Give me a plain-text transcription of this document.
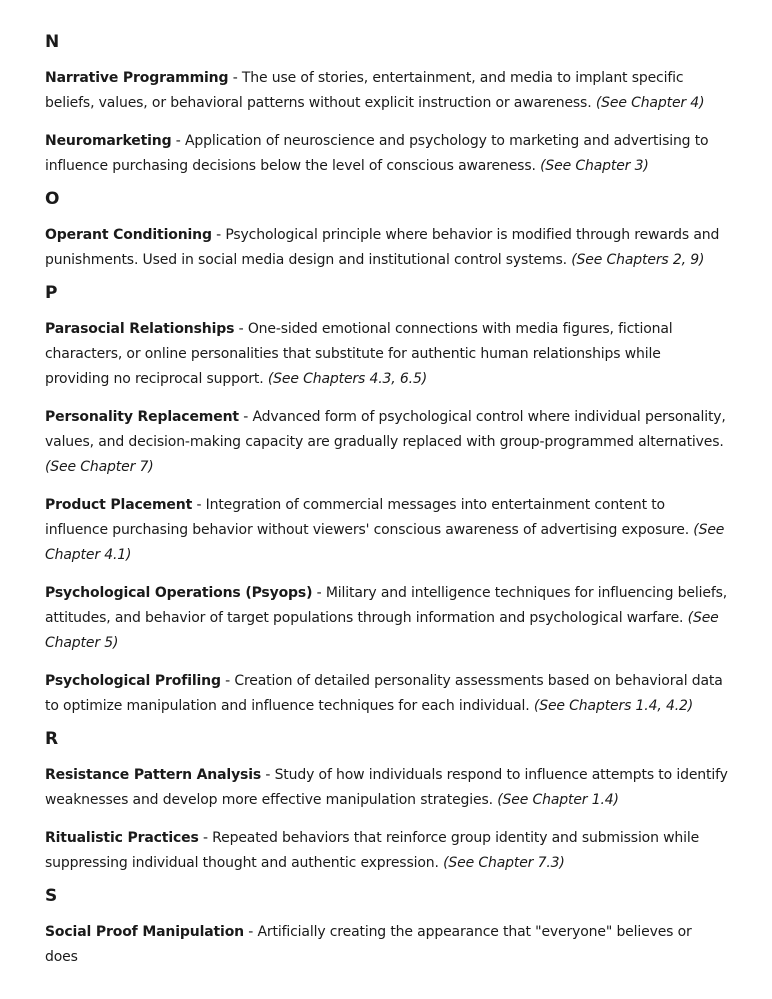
N

Narrative Programming - The use of stories, entertainment, and media to implant specific beliefs, values, or behavioral patterns without explicit instruction or awareness. (See Chapter 4)

Neuromarketing - Application of neuroscience and psychology to marketing and advertising to influence purchasing decisions below the level of conscious awareness. (See Chapter 3)

O

Operant Conditioning - Psychological principle where behavior is modified through rewards and punishments. Used in social media design and institutional control systems. (See Chapters 2, 9)

P

Parasocial Relationships - One-sided emotional connections with media figures, fictional characters, or online personalities that substitute for authentic human relationships while providing no reciprocal support. (See Chapters 4.3, 6.5)

Personality Replacement - Advanced form of psychological control where individual personality, values, and decision-making capacity are gradually replaced with group-programmed alternatives. (See Chapter 7)

Product Placement - Integration of commercial messages into entertainment content to influence purchasing behavior without viewers' conscious awareness of advertising exposure. (See Chapter 4.1)

Psychological Operations (Psyops) - Military and intelligence techniques for influencing beliefs, attitudes, and behavior of target populations through information and psychological warfare. (See Chapter 5)

Psychological Profiling - Creation of detailed personality assessments based on behavioral data to optimize manipulation and influence techniques for each individual. (See Chapters 1.4, 4.2)

R

Resistance Pattern Analysis - Study of how individuals respond to influence attempts to identify weaknesses and develop more effective manipulation strategies. (See Chapter 1.4)

Ritualistic Practices - Repeated behaviors that reinforce group identity and submission while suppressing individual thought and authentic expression. (See Chapter 7.3)

S

Social Proof Manipulation - Artificially creating the appearance that "everyone" believes or does
